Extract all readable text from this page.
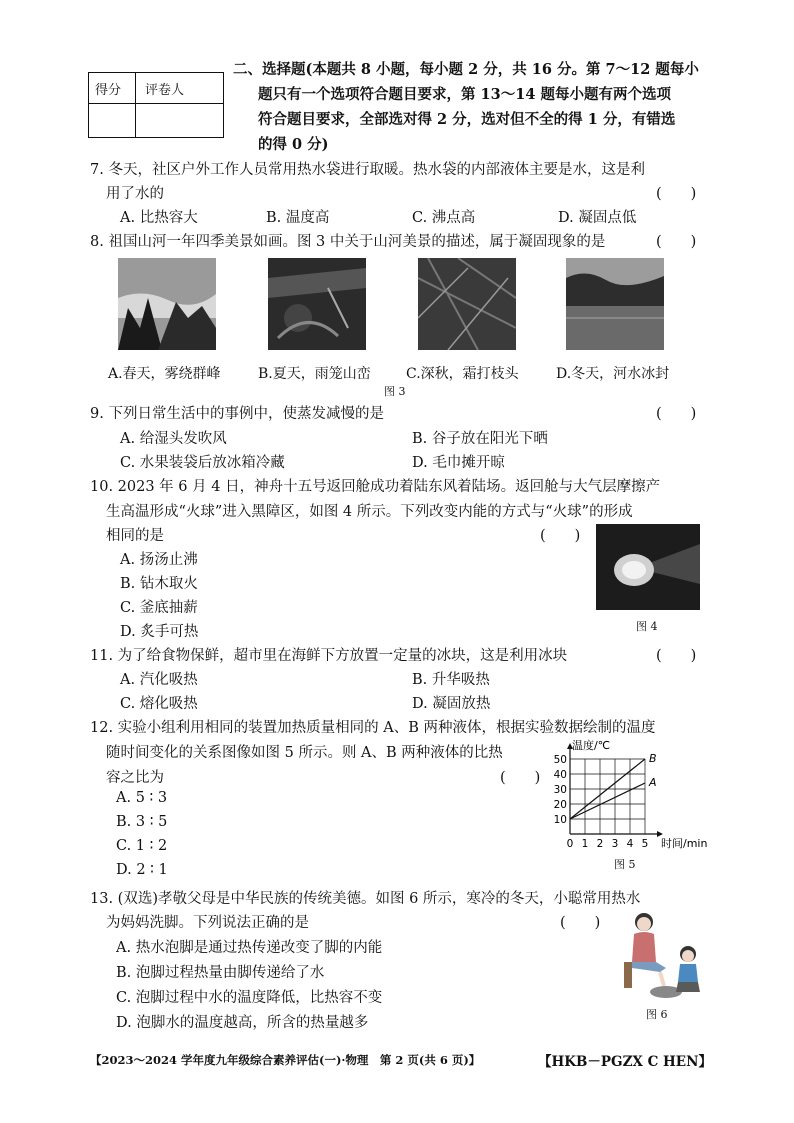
得分 评卷人
二、选择题(本题共 8 小题，每小题 2 分，共 16 分。第 7～12 题每小
题只有一个选项符合题目要求，第 13～14 题每小题有两个选项
符合题目要求，全部选对得 2 分，选对但不全的得 1 分，有错选
的得 0 分)
7. 冬天，社区户外工作人员常用热水袋进行取暖。热水袋的内部液体主要是水，这是利
用了水的	(　　)
A. 比热容大	B. 温度高	C. 沸点高	D. 凝固点低
8. 祖国山河一年四季美景如画。图 3 中关于山河美景的描述，属于凝固现象的是	(　　)
A.春天，雾绕群峰	B.夏天，雨笼山峦	C.深秋，霜打枝头	D.冬天，河水冰封
图 3
9. 下列日常生活中的事例中，使蒸发减慢的是	(　　)
A. 给湿头发吹风	B. 谷子放在阳光下晒
C. 水果装袋后放冰箱冷藏	D. 毛巾摊开晾
10. 2023 年 6 月 4 日，神舟十五号返回舱成功着陆东风着陆场。返回舱与大气层摩擦产
生高温形成“火球”进入黑障区，如图 4 所示。下列改变内能的方式与“火球”的形成
相同的是	(　　)
A. 扬汤止沸
B. 钻木取火
C. 釜底抽薪
D. 炙手可热	图 4
11. 为了给食物保鲜，超市里在海鲜下方放置一定量的冰块，这是利用冰块	(　　)
A. 汽化吸热	B. 升华吸热
C. 熔化吸热	D. 凝固放热
12. 实验小组利用相同的装置加热质量相同的 A、B 两种液体，根据实验数据绘制的温度
随时间变化的关系图像如图 5 所示。则 A、B 两种液体的比热
容之比为	(　　)
A. 5 ∶ 3
B. 3 ∶ 5
C. 1 ∶ 2
D. 2 ∶ 1
0 1 2 3 4 5
10
20
30
40
50	B
A
温度/℃
时间/min
图 5
13. (双选)孝敬父母是中华民族的传统美德。如图 6 所示，寒冷的冬天，小聪常用热水
为妈妈洗脚。下列说法正确的是	(　　)
A. 热水泡脚是通过热传递改变了脚的内能
B. 泡脚过程热量由脚传递给了水
C. 泡脚过程中水的温度降低，比热容不变
D. 泡脚水的温度越高，所含的热量越多
图 6
【2023～2024 学年度九年级综合素养评估(一)·物理　第 2 页(共 6 页)】	【HKB－PGZX C HEN】
